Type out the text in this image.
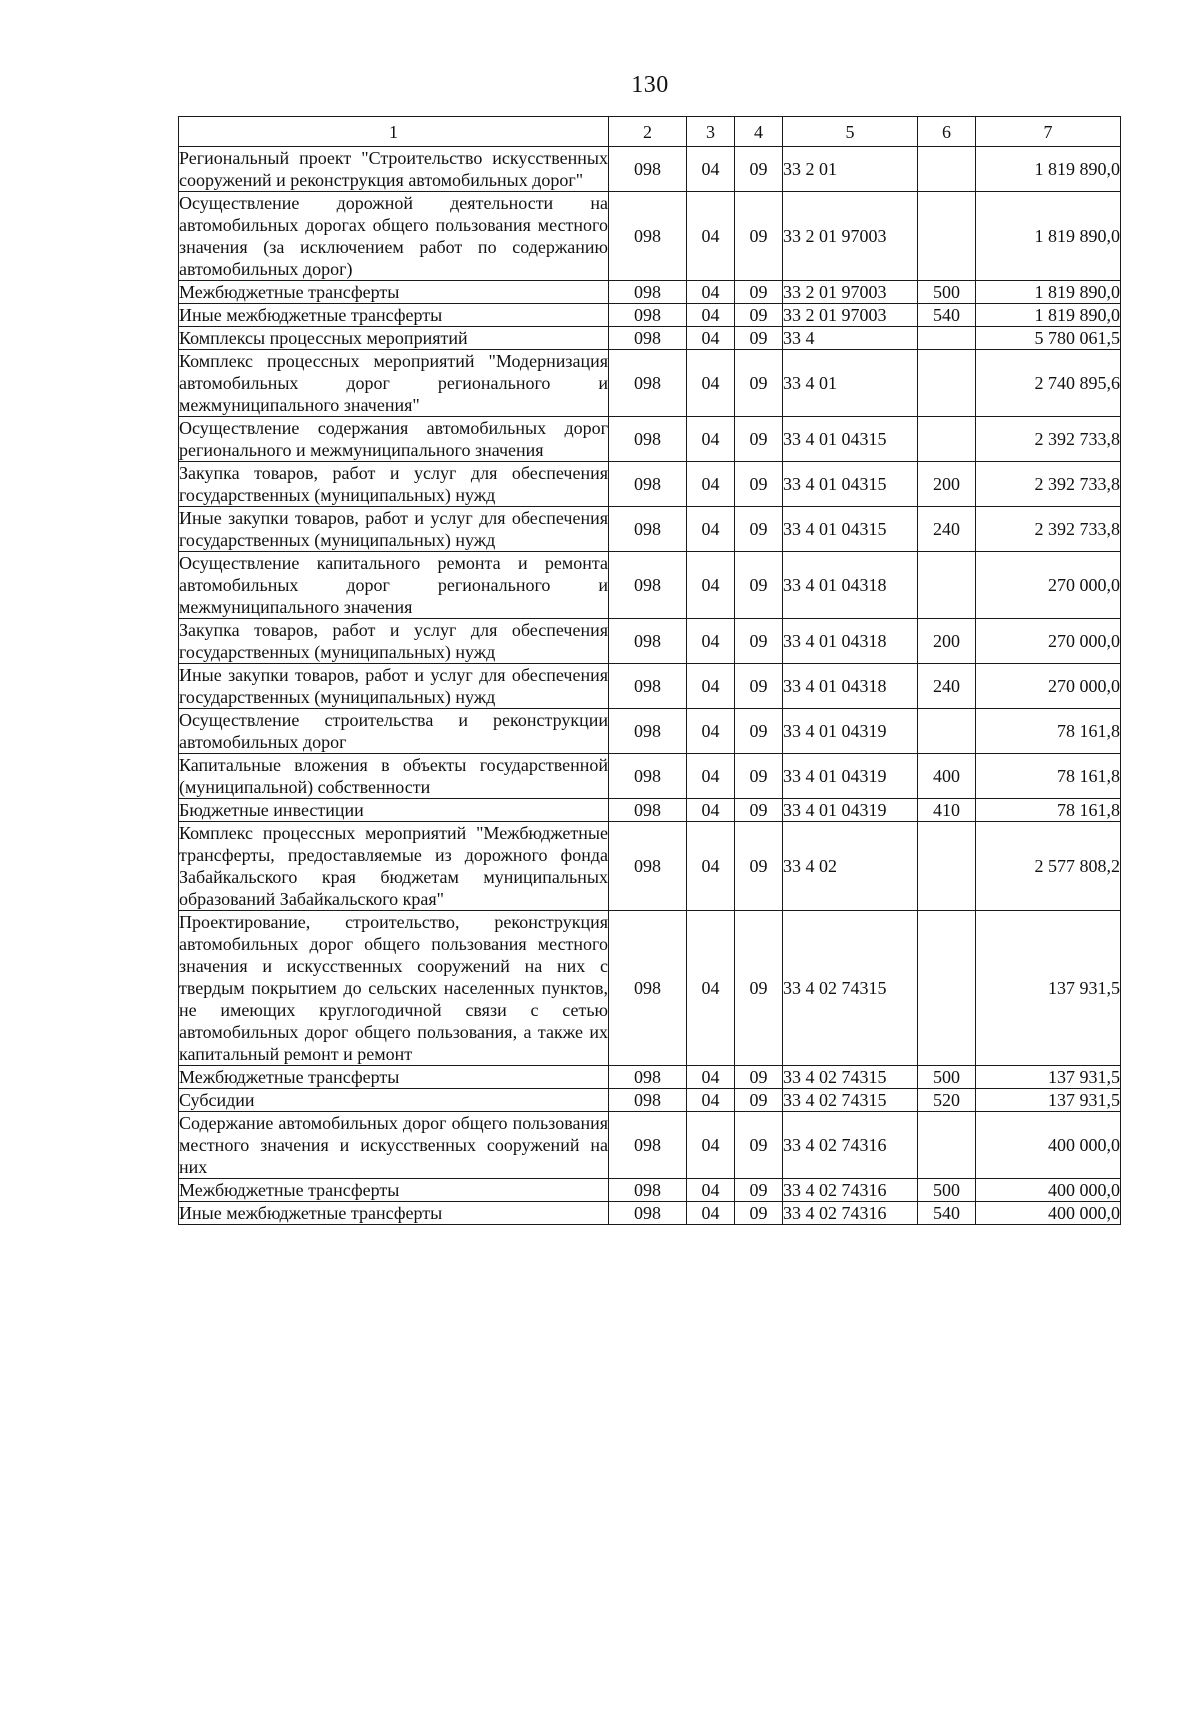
130
1	2	3	4	5	6	7
Региональный проект "Строительство искусственных сооружений и реконструкция автомобильных дорог"	098	04	09	33 2 01		1 819 890,0
Осуществление дорожной деятельности на автомобильных дорогах общего пользования местного значения (за исключением работ по содержанию автомобильных дорог)	098	04	09	33 2 01 97003		1 819 890,0
Межбюджетные трансферты	098	04	09	33 2 01 97003	500	1 819 890,0
Иные межбюджетные трансферты	098	04	09	33 2 01 97003	540	1 819 890,0
Комплексы процессных мероприятий	098	04	09	33 4		5 780 061,5
Комплекс процессных мероприятий "Модернизация автомобильных дорог регионального и межмуниципального значения"	098	04	09	33 4 01		2 740 895,6
Осуществление содержания автомобильных дорог регионального и межмуниципального значения	098	04	09	33 4 01 04315		2 392 733,8
Закупка товаров, работ и услуг для обеспечения государственных (муниципальных) нужд	098	04	09	33 4 01 04315	200	2 392 733,8
Иные закупки товаров, работ и услуг для обеспечения государственных (муниципальных) нужд	098	04	09	33 4 01 04315	240	2 392 733,8
Осуществление капитального ремонта и ремонта автомобильных дорог регионального и межмуниципального значения	098	04	09	33 4 01 04318		270 000,0
Закупка товаров, работ и услуг для обеспечения государственных (муниципальных) нужд	098	04	09	33 4 01 04318	200	270 000,0
Иные закупки товаров, работ и услуг для обеспечения государственных (муниципальных) нужд	098	04	09	33 4 01 04318	240	270 000,0
Осуществление строительства и реконструкции автомобильных дорог	098	04	09	33 4 01 04319		78 161,8
Капитальные вложения в объекты государственной (муниципальной) собственности	098	04	09	33 4 01 04319	400	78 161,8
Бюджетные инвестиции	098	04	09	33 4 01 04319	410	78 161,8
Комплекс процессных мероприятий "Межбюджетные трансферты, предоставляемые из дорожного фонда Забайкальского края бюджетам муниципальных образований Забайкальского края"	098	04	09	33 4 02		2 577 808,2
Проектирование, строительство, реконструкция автомобильных дорог общего пользования местного значения и искусственных сооружений на них с твердым покрытием до сельских населенных пунктов, не имеющих круглогодичной связи с сетью автомобильных дорог общего пользования, а также их капитальный ремонт и ремонт	098	04	09	33 4 02 74315		137 931,5
Межбюджетные трансферты	098	04	09	33 4 02 74315	500	137 931,5
Субсидии	098	04	09	33 4 02 74315	520	137 931,5
Содержание автомобильных дорог общего пользования местного значения и искусственных сооружений на них	098	04	09	33 4 02 74316		400 000,0
Межбюджетные трансферты	098	04	09	33 4 02 74316	500	400 000,0
Иные межбюджетные трансферты	098	04	09	33 4 02 74316	540	400 000,0
